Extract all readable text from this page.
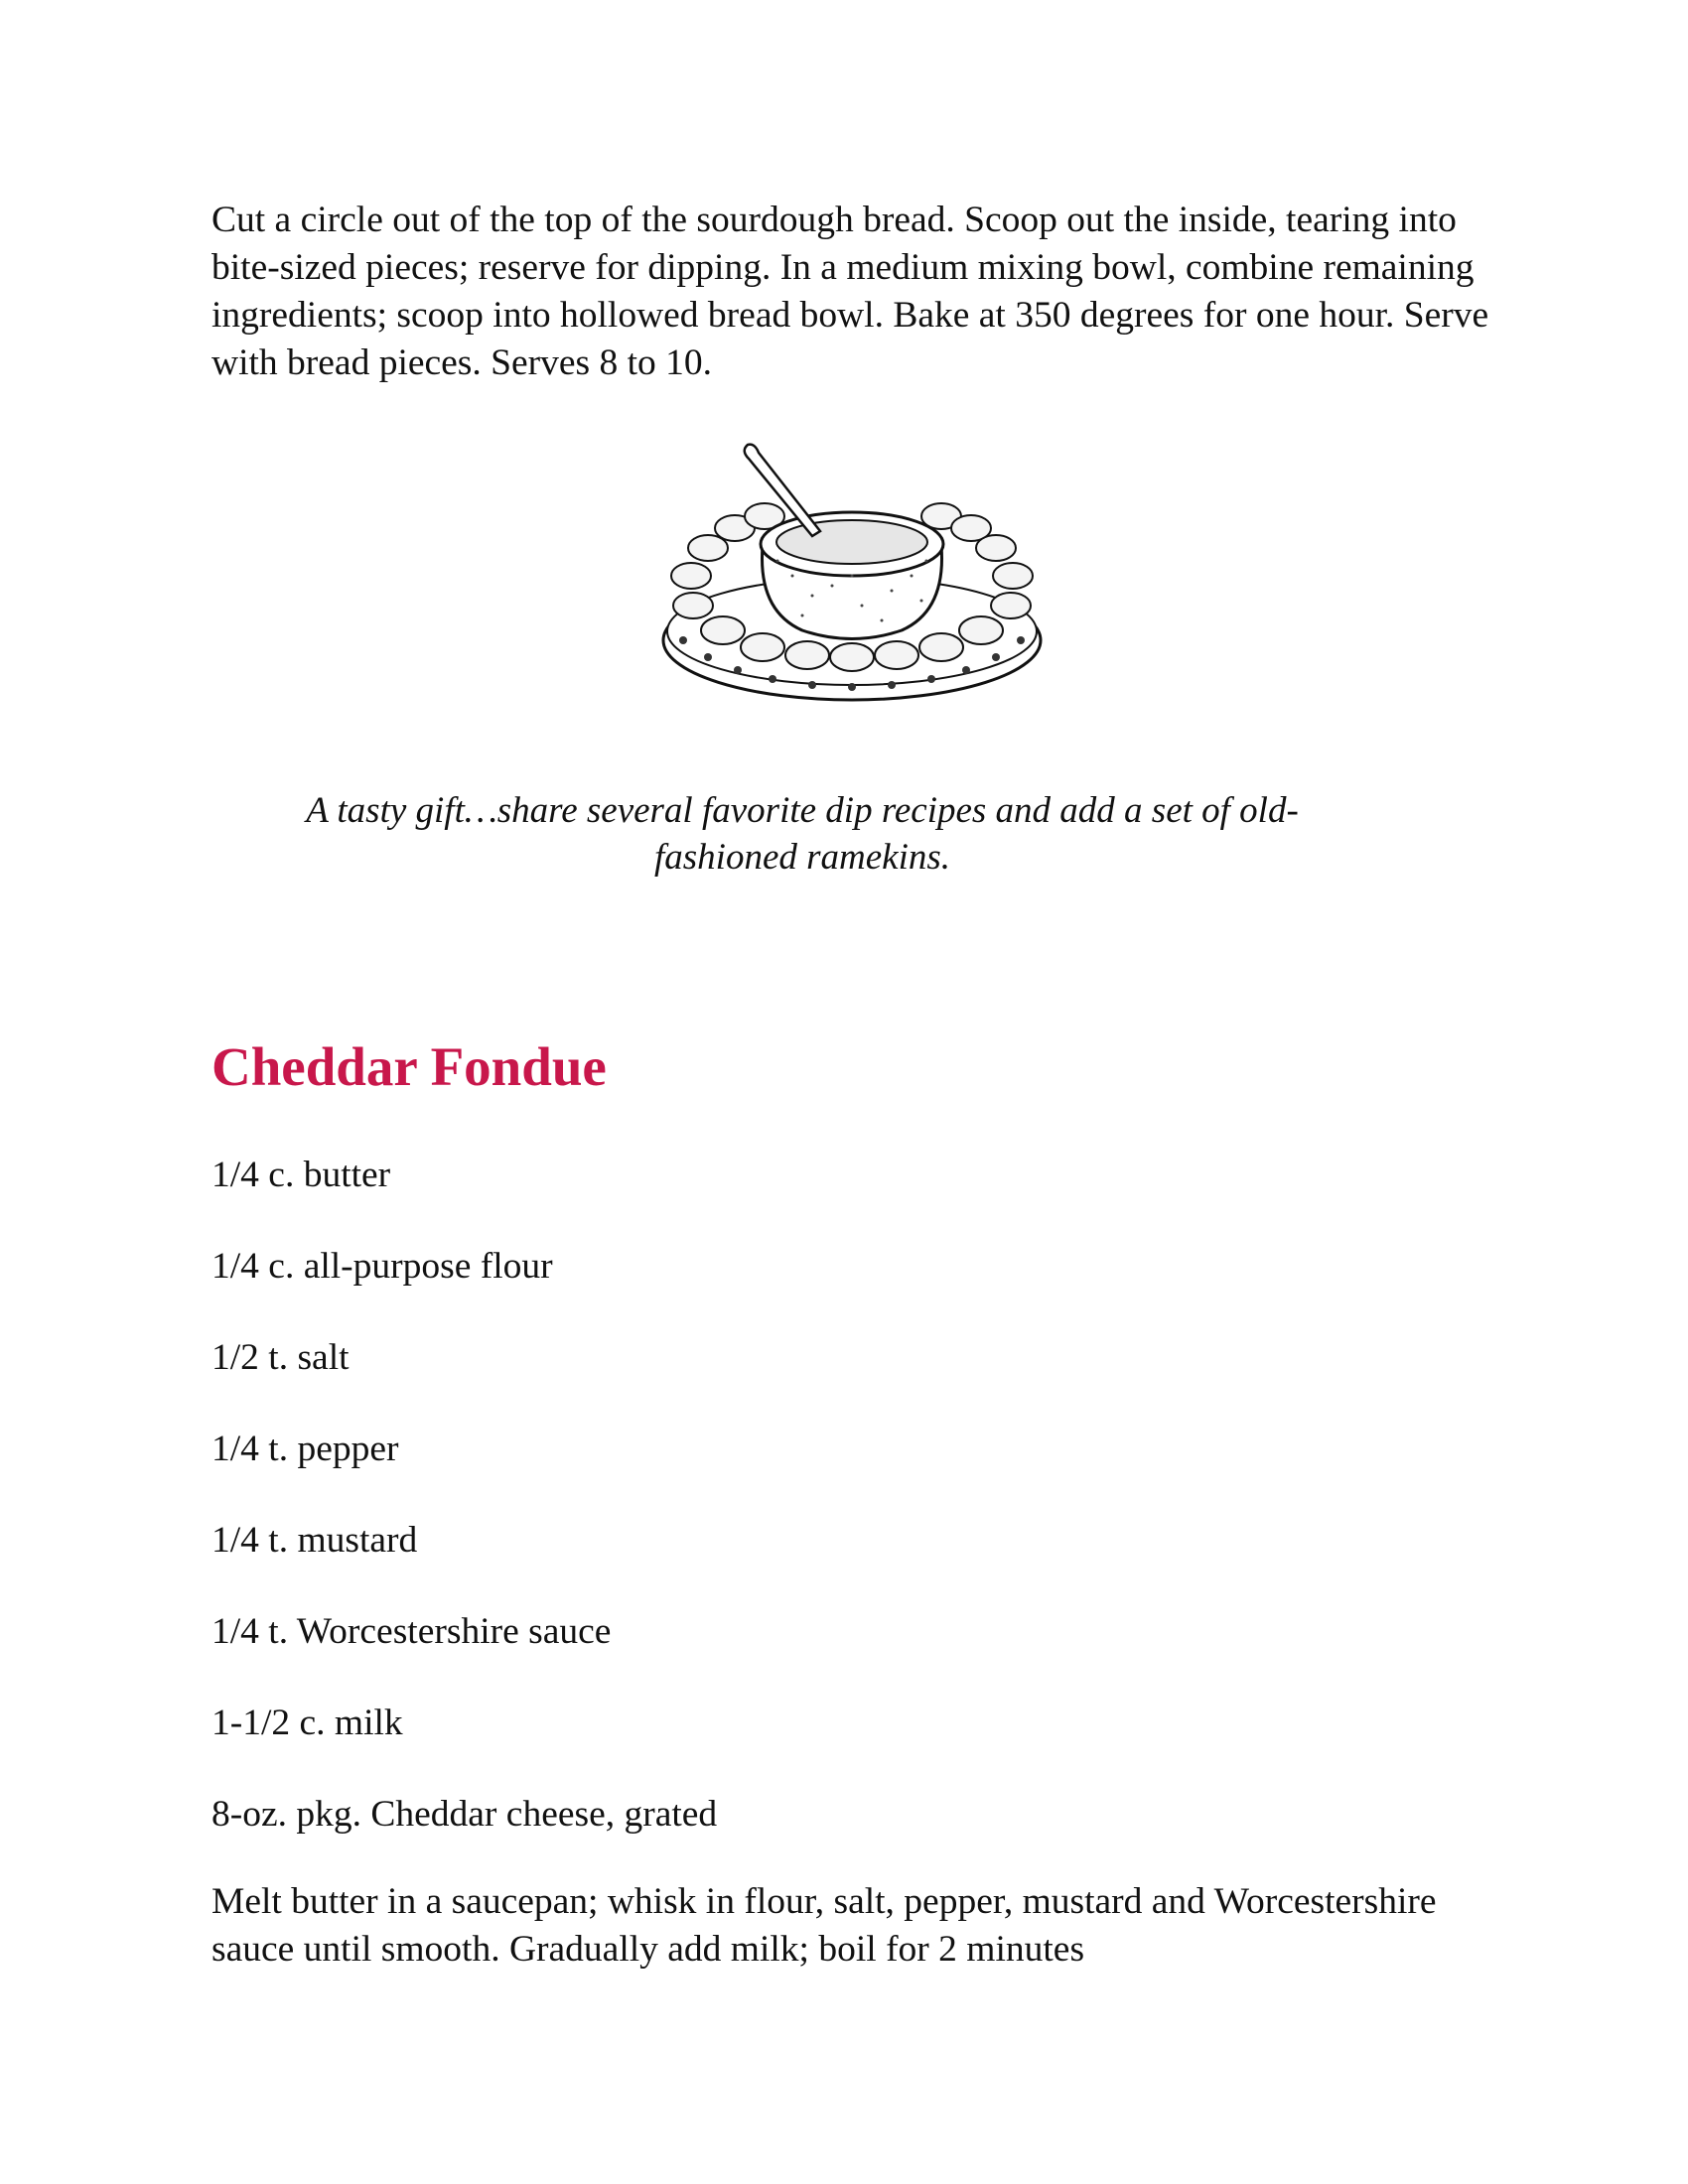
Cut a circle out of the top of the sourdough bread. Scoop out the inside, tearing into bite-sized pieces; reserve for dipping. In a medium mixing bowl, combine remaining ingredients; scoop into hollowed bread bowl. Bake at 350 degrees for one hour. Serve with bread pieces. Serves 8 to 10.

A tasty gift…share several favorite dip recipes and add a set of old-fashioned ramekins.

Cheddar Fondue
1/4 c. butter
1/4 c. all-purpose flour
1/2 t. salt
1/4 t. pepper
1/4 t. mustard
1/4 t. Worcestershire sauce
1-1/2 c. milk
8-oz. pkg. Cheddar cheese, grated

Melt butter in a saucepan; whisk in flour, salt, pepper, mustard and Worcestershire sauce until smooth. Gradually add milk; boil for 2 minutes
